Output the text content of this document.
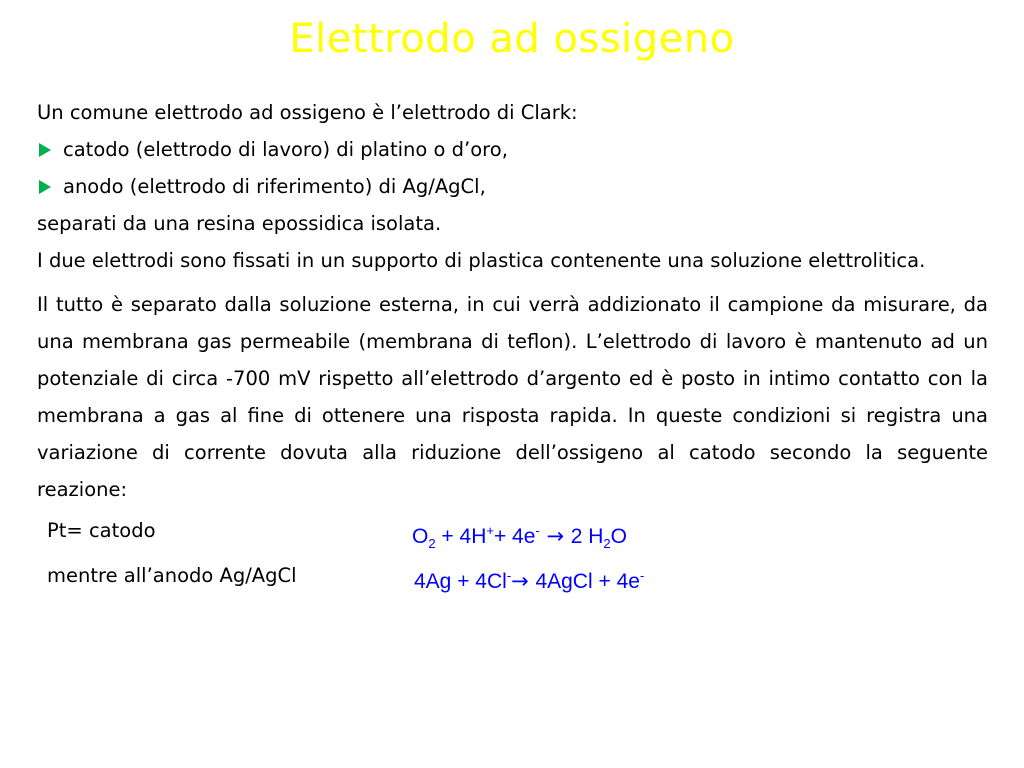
Elettrodo ad ossigeno

Un comune elettrodo ad ossigeno è l’elettrodo di Clark:

catodo (elettrodo di lavoro) di platino o d’oro,
anodo (elettrodo di riferimento) di Ag/AgCl,

separati da una resina epossidica isolata.

I due elettrodi sono fissati in un supporto di plastica contenente una soluzione elettrolitica.

Il tutto è separato dalla soluzione esterna, in cui verrà addizionato il campione da misurare, da una membrana gas permeabile (membrana di teflon). L’elettrodo di lavoro è mantenuto ad un potenziale di circa -700 mV rispetto all’elettrodo d’argento ed è posto in intimo contatto con la membrana a gas al fine di ottenere una risposta rapida. In queste condizioni si registra una variazione di corrente dovuta alla riduzione dell’ossigeno al catodo secondo la seguente reazione:

Pt= catodo	$O_2 + 4H^++ 4e^- \to 2$ $H_2O$
mentre all’anodo Ag/AgCl	4Ag + 4Cl-→ 4AgCl + 4e-
